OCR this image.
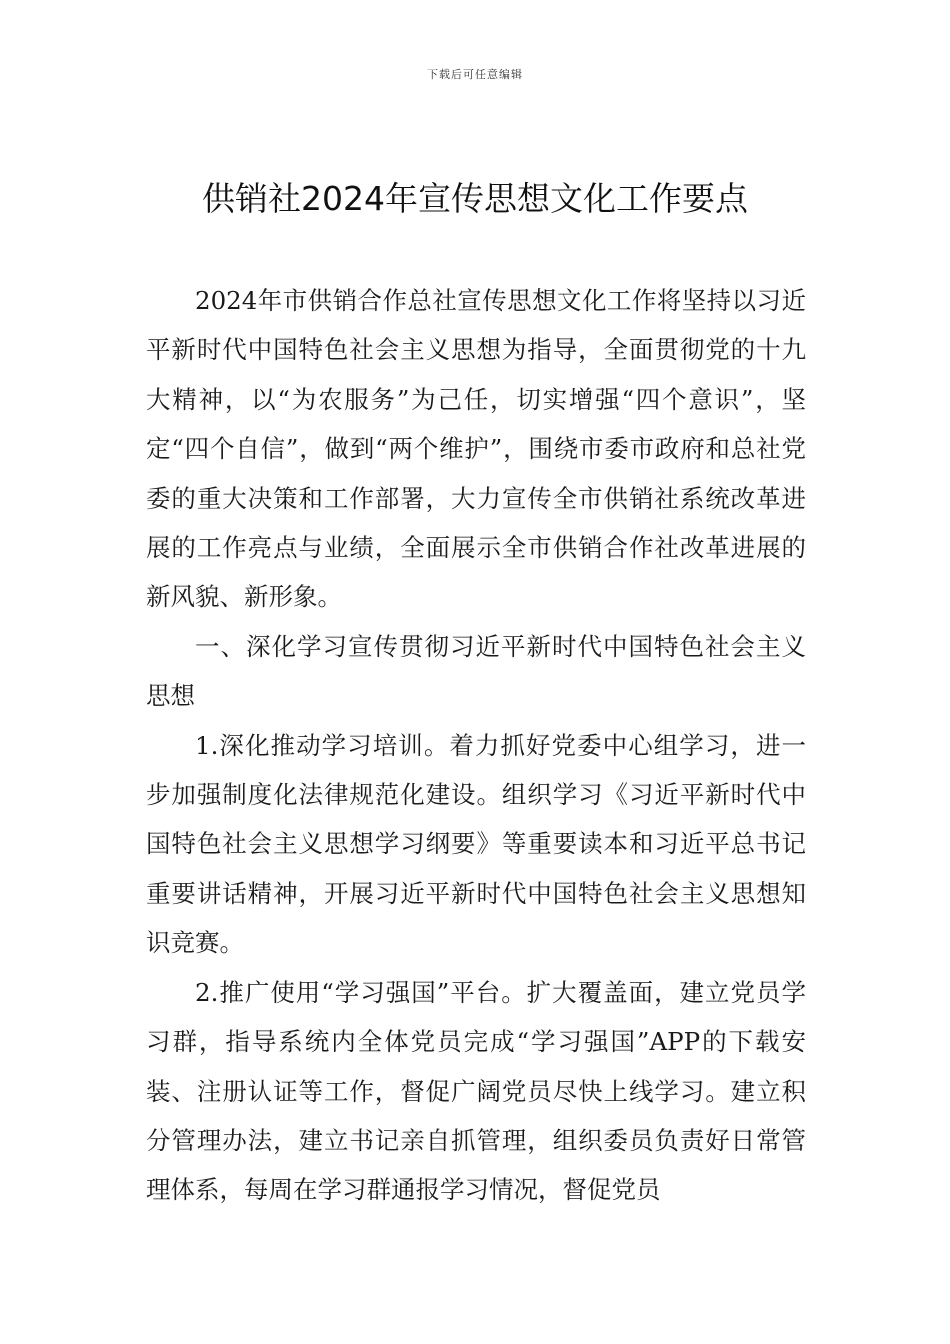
下载后可任意编辑
供销社2024年宣传思想文化工作要点

2024年市供销合作总社宣传思想文化工作将坚持以习近平新时代中国特色社会主义思想为指导，全面贯彻党的十九大精神，以“为农服务”为己任，切实增强“四个意识”，坚定“四个自信”，做到“两个维护”，围绕市委市政府和总社党委的重大决策和工作部署，大力宣传全市供销社系统改革进展的工作亮点与业绩，全面展示全市供销合作社改革进展的新风貌、新形象。

一、深化学习宣传贯彻习近平新时代中国特色社会主义思想

1.深化推动学习培训。着力抓好党委中心组学习，进一步加强制度化法律规范化建设。组织学习《习近平新时代中国特色社会主义思想学习纲要》等重要读本和习近平总书记重要讲话精神，开展习近平新时代中国特色社会主义思想知识竞赛。

2.推广使用“学习强国”平台。扩大覆盖面，建立党员学习群，指导系统内全体党员完成“学习强国”APP的下载安装、注册认证等工作，督促广阔党员尽快上线学习。建立积分管理办法，建立书记亲自抓管理，组织委员负责好日常管理体系，每周在学习群通报学习情况，督促党员
